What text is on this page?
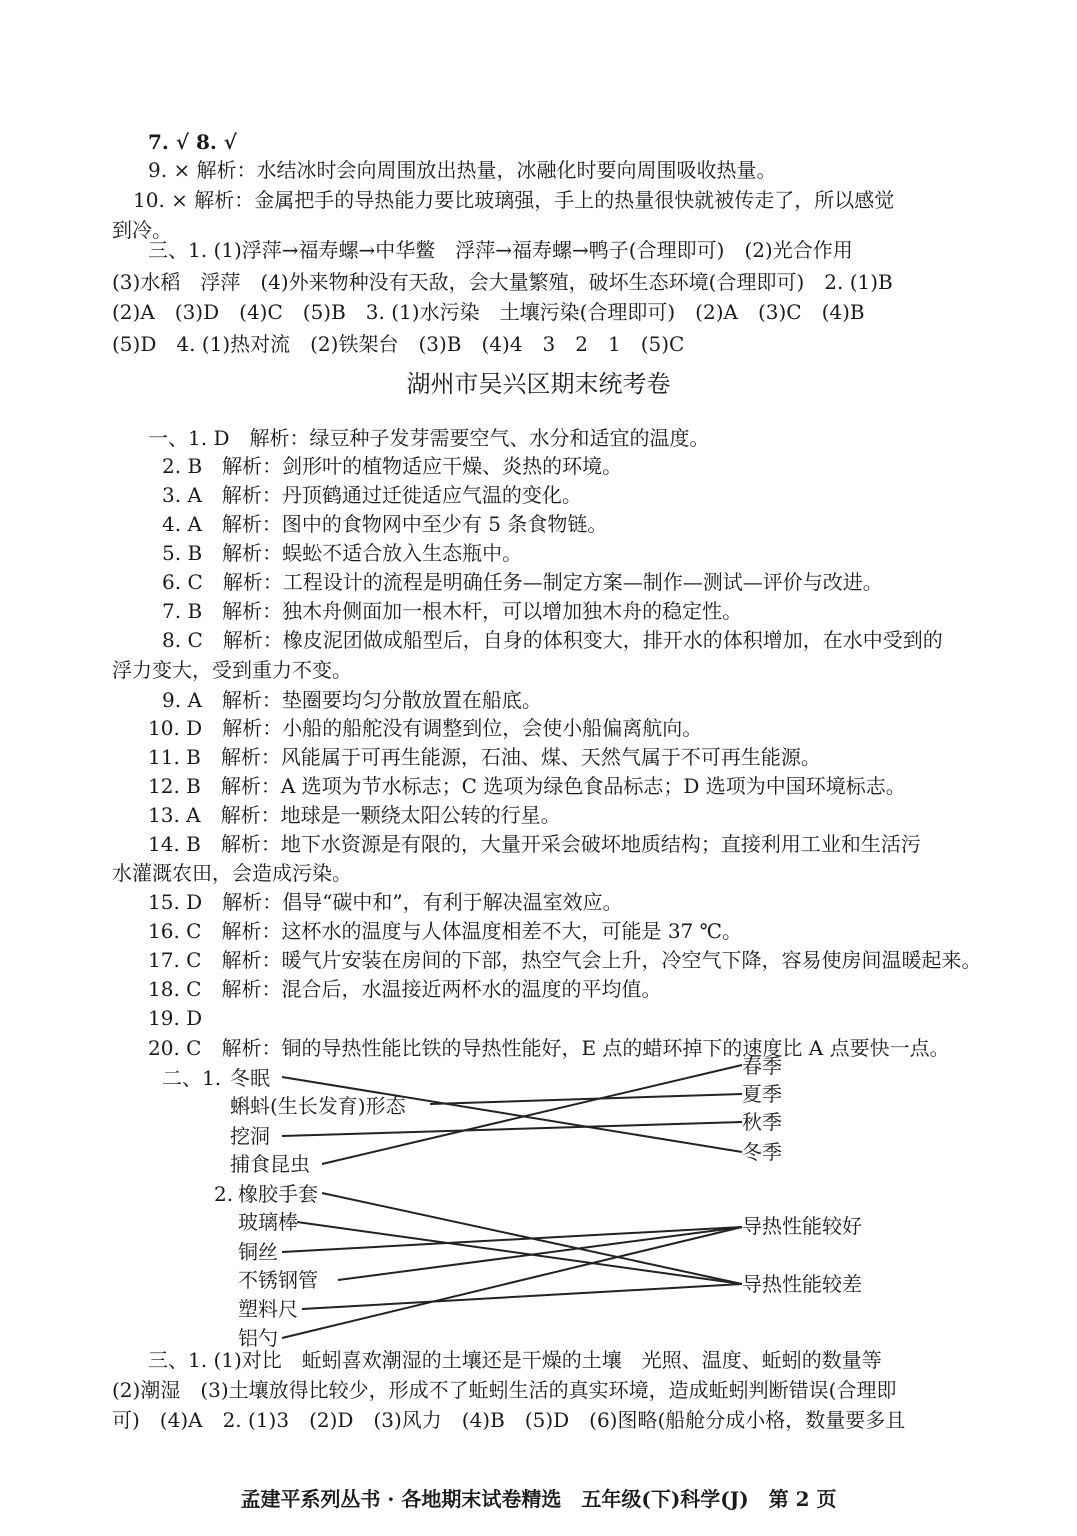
7. √ 8. √
9. × 解析：水结冰时会向周围放出热量，冰融化时要向周围吸收热量。
10. × 解析：金属把手的导热能力要比玻璃强，手上的热量很快就被传走了，所以感觉
到冷。
三、1. (1)浮萍→福寿螺→中华鳖　浮萍→福寿螺→鸭子(合理即可)　(2)光合作用
(3)水稻　浮萍　(4)外来物种没有天敌，会大量繁殖，破坏生态环境(合理即可)　2. (1)B
(2)A　(3)D　(4)C　(5)B　3. (1)水污染　土壤污染(合理即可)　(2)A　(3)C　(4)B
(5)D　4. (1)热对流　(2)铁架台　(3)B　(4)4　3　2　1　(5)C
湖州市吴兴区期末统考卷
一、1. D　解析：绿豆种子发芽需要空气、水分和适宜的温度。
2. B　解析：剑形叶的植物适应干燥、炎热的环境。
3. A　解析：丹顶鹤通过迁徙适应气温的变化。
4. A　解析：图中的食物网中至少有 5 条食物链。
5. B　解析：蜈蚣不适合放入生态瓶中。
6. C　解析：工程设计的流程是明确任务—制定方案—制作—测试—评价与改进。
7. B　解析：独木舟侧面加一根木杆，可以增加独木舟的稳定性。
8. C　解析：橡皮泥团做成船型后，自身的体积变大，排开水的体积增加，在水中受到的
浮力变大，受到重力不变。
9. A　解析：垫圈要均匀分散放置在船底。
10. D　解析：小船的船舵没有调整到位，会使小船偏离航向。
11. B　解析：风能属于可再生能源，石油、煤、天然气属于不可再生能源。
12. B　解析：A 选项为节水标志；C 选项为绿色食品标志；D 选项为中国环境标志。
13. A　解析：地球是一颗绕太阳公转的行星。
14. B　解析：地下水资源是有限的，大量开采会破坏地质结构；直接利用工业和生活污
水灌溉农田，会造成污染。
15. D　解析：倡导“碳中和”，有利于解决温室效应。
16. C　解析：这杯水的温度与人体温度相差不大，可能是 37 ℃。
17. C　解析：暖气片安装在房间的下部，热空气会上升，冷空气下降，容易使房间温暖起来。
18. C　解析：混合后，水温接近两杯水的温度的平均值。
19. D
20. C　解析：铜的导热性能比铁的导热性能好，E 点的蜡环掉下的速度比 A 点要快一点。
二、1. 冬眠
蝌蚪(生长发育)形态
挖洞
捕食昆虫
春季
夏季
秋季
冬季
2. 橡胶手套
玻璃棒
铜丝
不锈钢管
塑料尺
铝勺
导热性能较好
导热性能较差
三、1. (1)对比　蚯蚓喜欢潮湿的土壤还是干燥的土壤　光照、温度、蚯蚓的数量等
(2)潮湿　(3)土壤放得比较少，形成不了蚯蚓生活的真实环境，造成蚯蚓判断错误(合理即
可)　(4)A　2. (1)3　(2)D　(3)风力　(4)B　(5)D　(6)图略(船舱分成小格，数量要多且
孟建平系列丛书 · 各地期末试卷精选　五年级(下)科学(J)　第 2 页
